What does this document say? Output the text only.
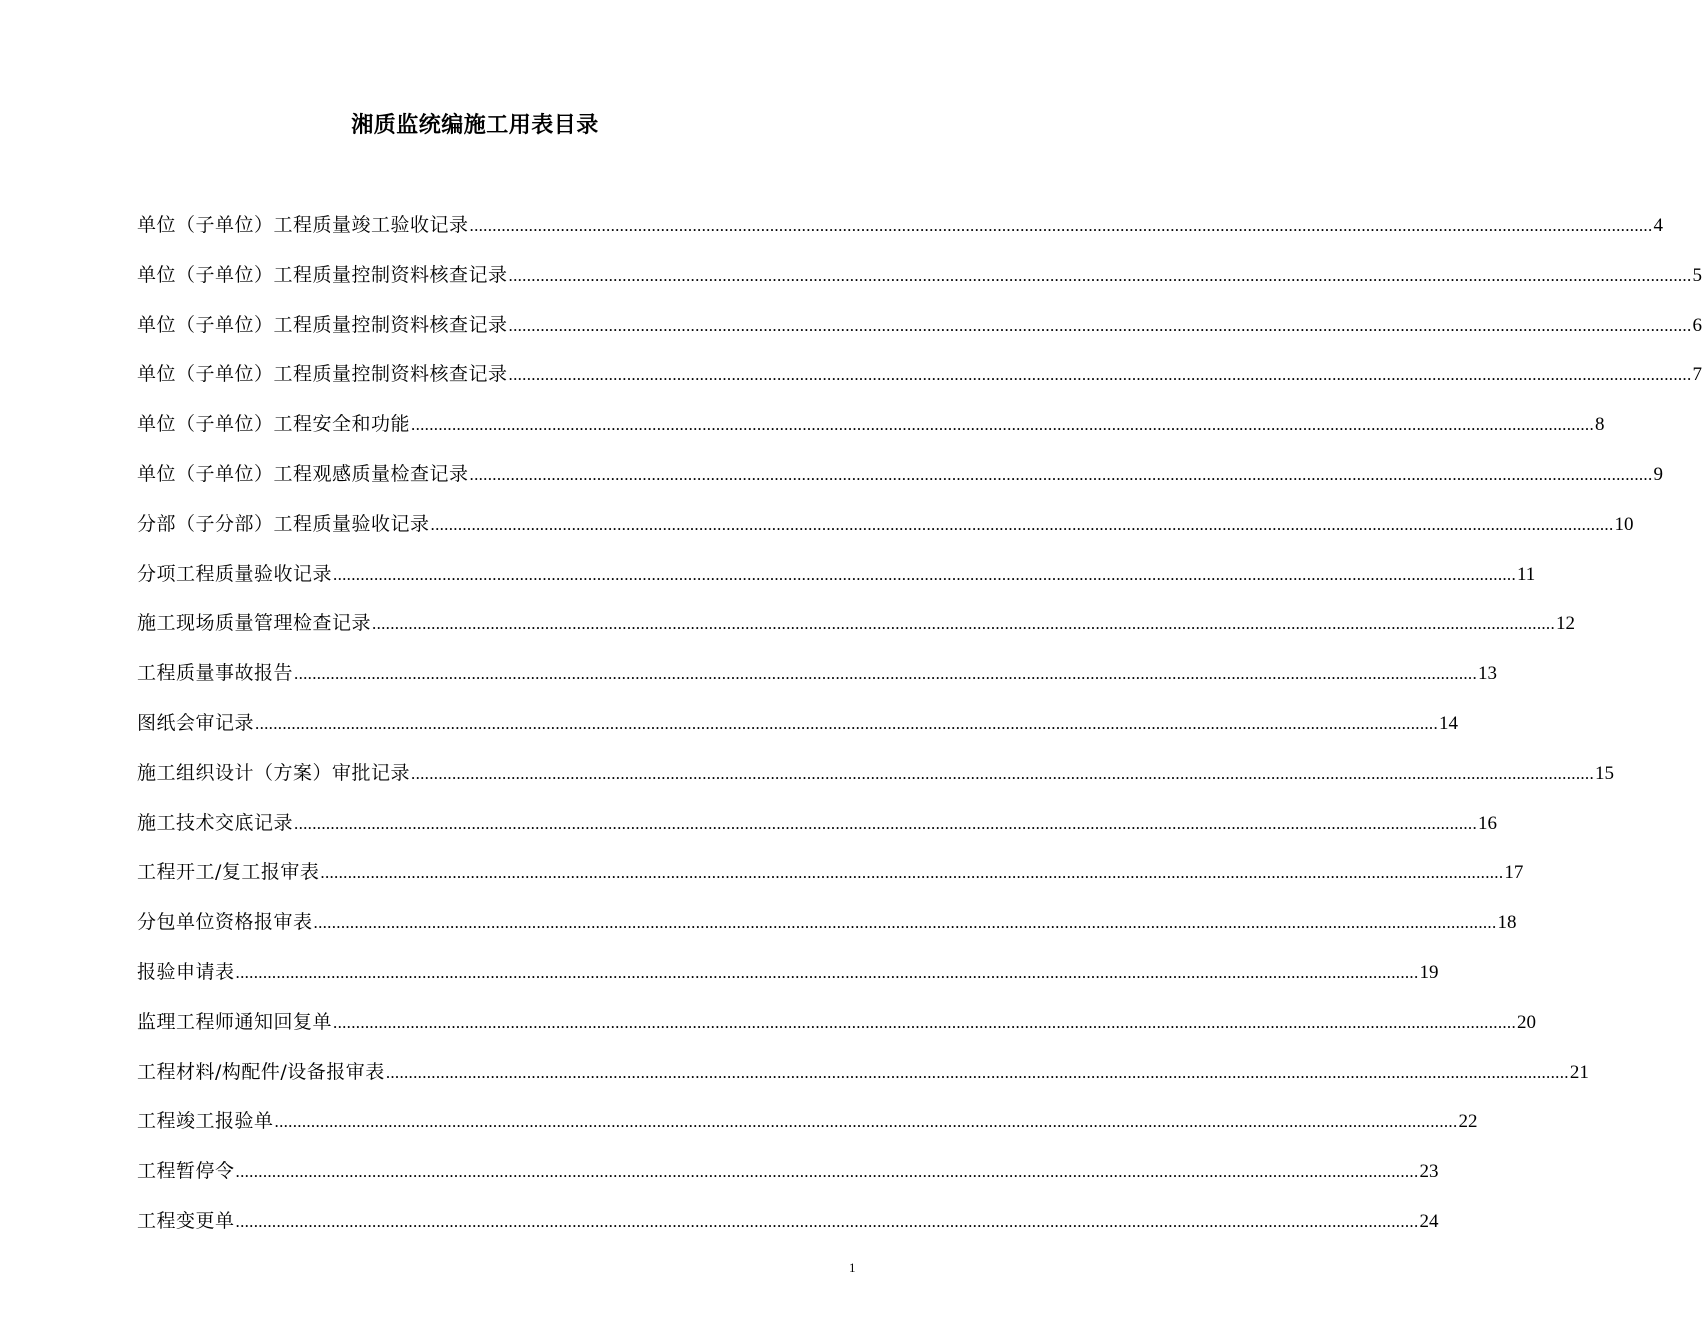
湘质监统编施工用表目录
单位（子单位）工程质量竣工验收记录 .................................................................................................................................................................................................................................................................... 4
单位（子单位）工程质量控制资料核查记录 .................................................................................................................................................................................................................................................................... 5
单位（子单位）工程质量控制资料核查记录 .................................................................................................................................................................................................................................................................... 6
单位（子单位）工程质量控制资料核查记录 .................................................................................................................................................................................................................................................................... 7
单位（子单位）工程安全和功能 .................................................................................................................................................................................................................................................................... 8
单位（子单位）工程观感质量检查记录 .................................................................................................................................................................................................................................................................... 9
分部（子分部）工程质量验收记录 .................................................................................................................................................................................................................................................................... 10
分项工程质量验收记录 .................................................................................................................................................................................................................................................................... 11
施工现场质量管理检查记录 .................................................................................................................................................................................................................................................................... 12
工程质量事故报告 .................................................................................................................................................................................................................................................................... 13
图纸会审记录 .................................................................................................................................................................................................................................................................... 14
施工组织设计（方案）审批记录 .................................................................................................................................................................................................................................................................... 15
施工技术交底记录 .................................................................................................................................................................................................................................................................... 16
工程开工/复工报审表 .................................................................................................................................................................................................................................................................... 17
分包单位资格报审表 .................................................................................................................................................................................................................................................................... 18
报验申请表 .................................................................................................................................................................................................................................................................... 19
监理工程师通知回复单 .................................................................................................................................................................................................................................................................... 20
工程材料/构配件/设备报审表 .................................................................................................................................................................................................................................................................... 21
工程竣工报验单 .................................................................................................................................................................................................................................................................... 22
工程暂停令 .................................................................................................................................................................................................................................................................... 23
工程变更单 .................................................................................................................................................................................................................................................................... 24
1
